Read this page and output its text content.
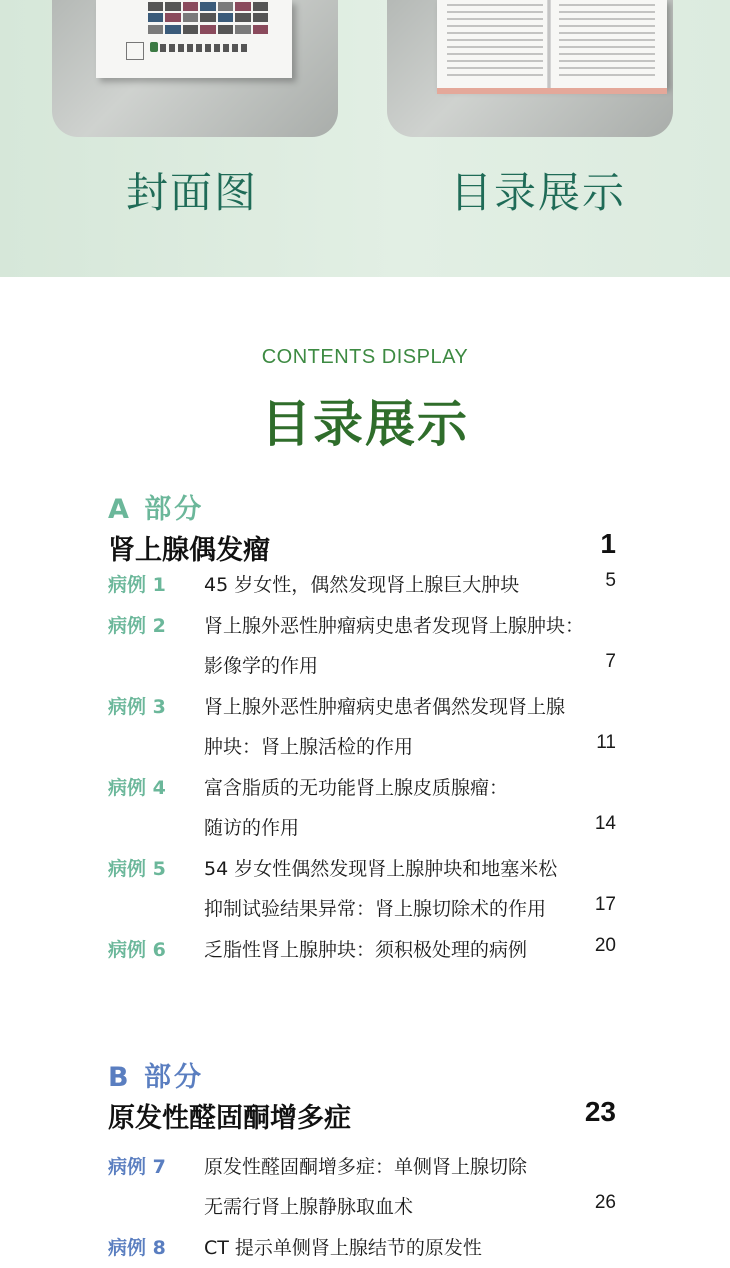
封面图	目录展示
CONTENTS DISPLAY
目录展示
A 部分
肾上腺偶发瘤	1
病例 1 45 岁女性，偶然发现肾上腺巨大肿块	5
病例 2 肾上腺外恶性肿瘤病史患者发现肾上腺肿块：
影像学的作用	7
病例 3 肾上腺外恶性肿瘤病史患者偶然发现肾上腺
肿块：肾上腺活检的作用	11
病例 4 富含脂质的无功能肾上腺皮质腺瘤：
随访的作用	14
病例 5 54 岁女性偶然发现肾上腺肿块和地塞米松
抑制试验结果异常：肾上腺切除术的作用	17
病例 6 乏脂性肾上腺肿块：须积极处理的病例	20
B 部分
原发性醛固酮增多症	23
病例 7 原发性醛固酮增多症：单侧肾上腺切除
无需行肾上腺静脉取血术	26
病例 8 CT 提示单侧肾上腺结节的原发性
